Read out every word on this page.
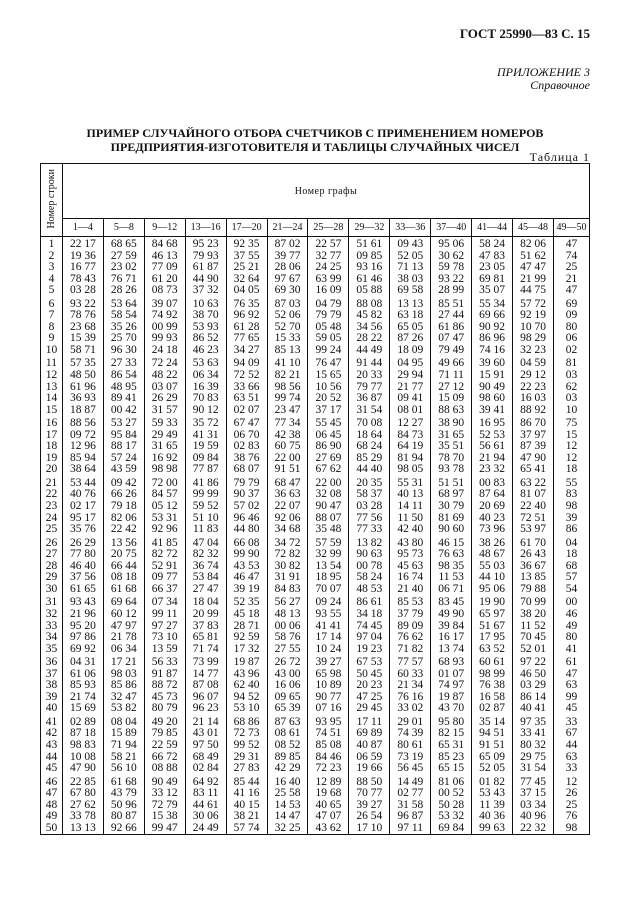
ГОСТ 25990—83 С. 15
ПРИЛОЖЕНИЕ 3
Справочное
ПРИМЕР СЛУЧАЙНОГО ОТБОРА СЧЕТЧИКОВ С ПРИМЕНЕНИЕМ НОМЕРОВ ПРЕДПРИЯТИЯ-ИЗГОТОВИТЕЛЯ И ТАБЛИЦЫ СЛУЧАЙНЫХ ЧИСЕЛ
Таблица 1
Номер строки	Номер графы												
	1—4	5—8	9—12	13—16	17—20	21—24	25—28	29—32	33—36	37—40	41—44	45—48	49—50
1	22 17	68 65	84 68	95 23	92 35	87 02	22 57	51 61	09 43	95 06	58 24	82 06	47
2	19 36	27 59	46 13	79 93	37 55	39 77	32 77	09 85	52 05	30 62	47 83	51 62	74
3	16 77	23 02	77 09	61 87	25 21	28 06	24 25	93 16	71 13	59 78	23 05	47 47	25
4	78 43	76 71	61 20	44 90	32 64	97 67	63 99	61 46	38 03	93 22	69 81	21 99	21
5	03 28	28 26	08 73	37 32	04 05	69 30	16 09	05 88	69 58	28 99	35 07	44 75	47
6	93 22	53 64	39 07	10 63	76 35	87 03	04 79	88 08	13 13	85 51	55 34	57 72	69
7	78 76	58 54	74 92	38 70	96 92	52 06	79 79	45 82	63 18	27 44	69 66	92 19	09
8	23 68	35 26	00 99	53 93	61 28	52 70	05 48	34 56	65 05	61 86	90 92	10 70	80
9	15 39	25 70	99 93	86 52	77 65	15 33	59 05	28 22	87 26	07 47	86 96	98 29	06
10	58 71	96 30	24 18	46 23	34 27	85 13	99 24	44 49	18 09	79 49	74 16	32 23	02
11	57 35	27 33	72 24	53 63	94 09	41 10	76 47	91 44	04 95	49 66	39 60	04 59	81
12	48 50	86 54	48 22	06 34	72 52	82 21	15 65	20 33	29 94	71 11	15 91	29 12	03
13	61 96	48 95	03 07	16 39	33 66	98 56	10 56	79 77	21 77	27 12	90 49	22 23	62
14	36 93	89 41	26 29	70 83	63 51	99 74	20 52	36 87	09 41	15 09	98 60	16 03	03
15	18 87	00 42	31 57	90 12	02 07	23 47	37 17	31 54	08 01	88 63	39 41	88 92	10
16	88 56	53 27	59 33	35 72	67 47	77 34	55 45	70 08	12 27	38 90	16 95	86 70	75
17	09 72	95 84	29 49	41 31	06 70	42 38	06 45	18 64	84 73	31 65	52 53	37 97	15
18	12 96	88 17	31 65	19 59	02 83	60 75	86 90	68 24	64 19	35 51	56 61	87 39	12
19	85 94	57 24	16 92	09 84	38 76	22 00	27 69	85 29	81 94	78 70	21 94	47 90	12
20	38 64	43 59	98 98	77 87	68 07	91 51	67 62	44 40	98 05	93 78	23 32	65 41	18
21	53 44	09 42	72 00	41 86	79 79	68 47	22 00	20 35	55 31	51 51	00 83	63 22	55
22	40 76	66 26	84 57	99 99	90 37	36 63	32 08	58 37	40 13	68 97	87 64	81 07	83
23	02 17	79 18	05 12	59 52	57 02	22 07	90 47	03 28	14 11	30 79	20 69	22 40	98
24	95 17	82 06	53 31	51 10	96 46	92 06	88 07	77 56	11 50	81 69	40 23	72 51	39
25	35 76	22 42	92 96	11 83	44 80	34 68	35 48	77 33	42 40	90 60	73 96	53 97	86
26	26 29	13 56	41 85	47 04	66 08	34 72	57 59	13 82	43 80	46 15	38 26	61 70	04
27	77 80	20 75	82 72	82 32	99 90	72 82	32 99	90 63	95 73	76 63	48 67	26 43	18
28	46 40	66 44	52 91	36 74	43 53	30 82	13 54	00 78	45 63	98 35	55 03	36 67	68
29	37 56	08 18	09 77	53 84	46 47	31 91	18 95	58 24	16 74	11 53	44 10	13 85	57
30	61 65	61 68	66 37	27 47	39 19	84 83	70 07	48 53	21 40	06 71	95 06	79 88	54
31	93 43	69 64	07 34	18 04	52 35	56 27	09 24	86 61	85 53	83 45	19 90	70 99	00
32	21 96	60 12	99 11	20 99	45 18	48 13	93 55	34 18	37 79	49 90	65 97	38 20	46
33	95 20	47 97	97 27	37 83	28 71	00 06	41 41	74 45	89 09	39 84	51 67	11 52	49
34	97 86	21 78	73 10	65 81	92 59	58 76	17 14	97 04	76 62	16 17	17 95	70 45	80
35	69 92	06 34	13 59	71 74	17 32	27 55	10 24	19 23	71 82	13 74	63 52	52 01	41
36	04 31	17 21	56 33	73 99	19 87	26 72	39 27	67 53	77 57	68 93	60 61	97 22	61
37	61 06	98 03	91 87	14 77	43 96	43 00	65 98	50 45	60 33	01 07	98 99	46 50	47
38	85 93	85 86	88 72	87 08	62 40	16 06	10 89	20 23	21 34	74 97	76 38	03 29	63
39	21 74	32 47	45 73	96 07	94 52	09 65	90 77	47 25	76 16	19 87	16 58	86 14	99
40	15 69	53 82	80 79	96 23	53 10	65 39	07 16	29 45	33 02	43 70	02 87	40 41	45
41	02 89	08 04	49 20	21 14	68 86	87 63	93 95	17 11	29 01	95 80	35 14	97 35	33
42	87 18	15 89	79 85	43 01	72 73	08 61	74 51	69 89	74 39	82 15	94 51	33 41	67
43	98 83	71 94	22 59	97 50	99 52	08 52	85 08	40 87	80 61	65 31	91 51	80 32	44
44	10 08	58 21	66 72	68 49	29 31	89 85	84 46	06 59	73 19	85 23	65 09	29 75	63
45	47 90	56 10	08 88	02 84	27 83	42 29	72 23	19 66	56 45	65 15	52 05	31 54	33
46	22 85	61 68	90 49	64 92	85 44	16 40	12 89	88 50	14 49	81 06	01 82	77 45	12
47	67 80	43 79	33 12	83 11	41 16	25 58	19 68	70 77	02 77	00 52	53 43	37 15	26
48	27 62	50 96	72 79	44 61	40 15	14 53	40 65	39 27	31 58	50 28	11 39	03 34	25
49	33 78	80 87	15 38	30 06	38 21	14 47	47 07	26 54	96 87	53 32	40 36	40 96	76
50	13 13	92 66	99 47	24 49	57 74	32 25	43 62	17 10	97 11	69 84	99 63	22 32	98
